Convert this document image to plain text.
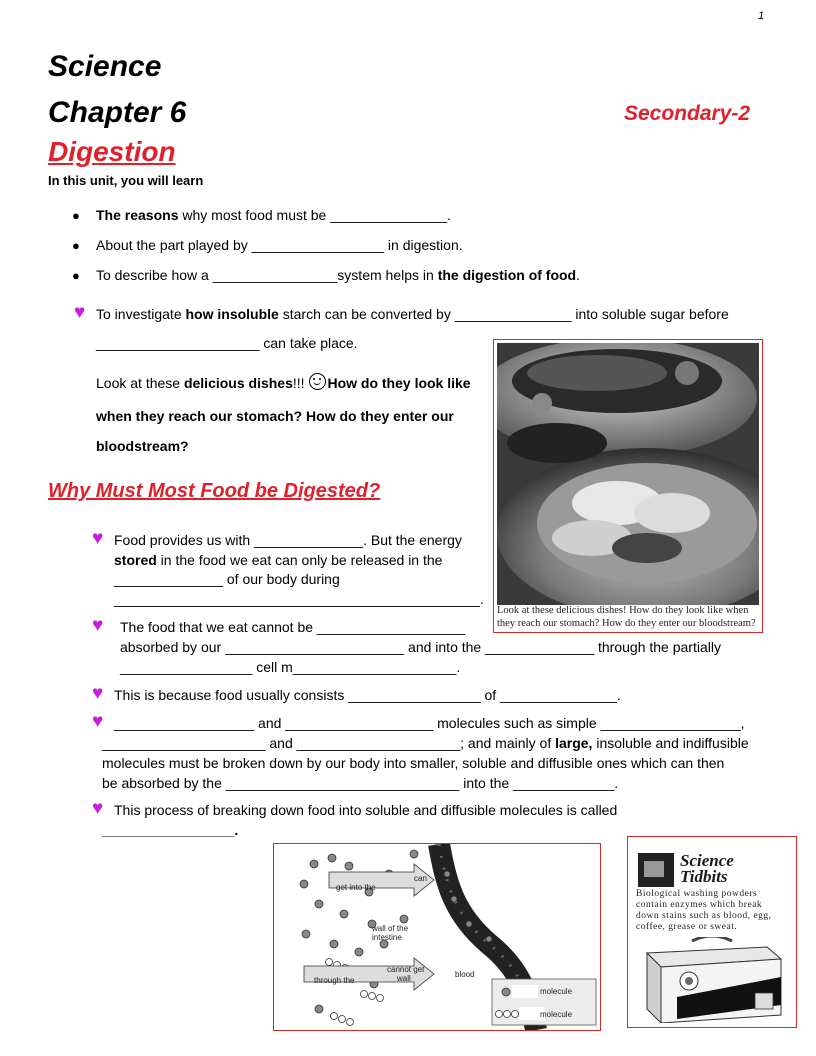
1
Science
Chapter 6	Secondary-2
Digestion
In this unit, you will learn
● The reasons why most food must be _______________.
● About the part played by _________________ in digestion.
● To describe how a ________________system helps in the digestion of food.
♥ To investigate how insoluble starch can be converted by _______________ into soluble sugar before
_____________________ can take place.
Look at these delicious dishes!!! How do they look like
when they reach our stomach? How do they enter our
bloodstream?
Look at these delicious dishes! How do they look like when they reach our stomach? How do they enter our bloodstream?
Why Must Most Food be Digested?
♥ Food provides us with ______________. But the energy
stored in the food we eat can only be released in the
______________ of our body during
_______________________________________________.
♥ The food that we eat cannot be ___________________
absorbed by our _______________________ and into the ______________ through the partially
_________________ cell m_____________________.
♥ This is because food usually consists _________________ of _______________.
♥ __________________ and ___________________ molecules such as simple __________________,
_____________________ and _____________________; and mainly of large, insoluble and indiffusible
molecules must be broken down by our body into smaller, soluble and diffusible ones which can then
be absorbed by the ______________________________ into the _____________.
♥ This process of breaking down food into soluble and diffusible molecules is called
_________________.
can
get into the
wall of the
intestine
cannot get
wall
through the
blood
molecule
molecule
Science
Tidbits
Biological washing powders
contain enzymes which break
down stains such as blood, egg,
coffee, grease or sweat.
